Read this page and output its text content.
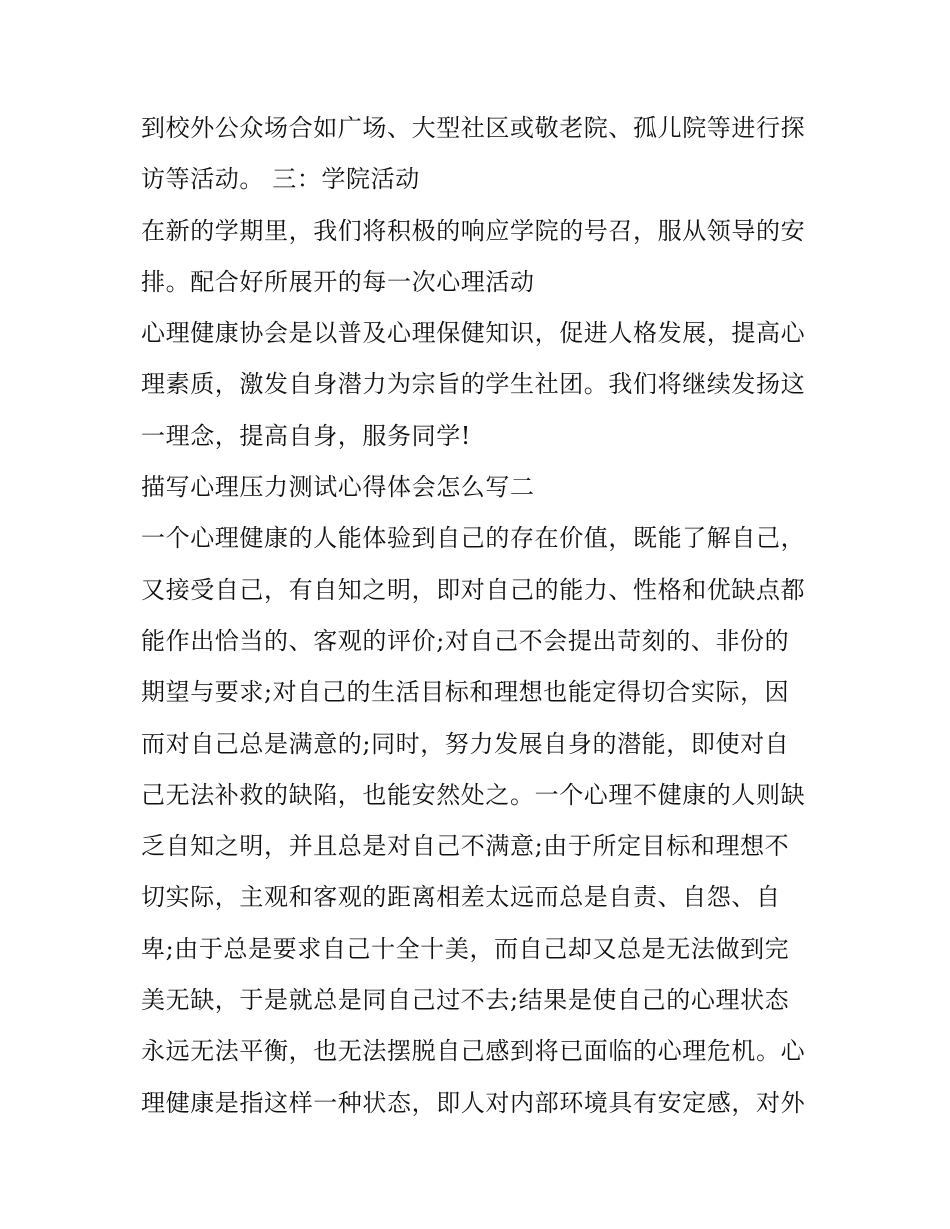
到校外公众场合如广场、大型社区或敬老院、孤儿院等进行探
访等活动。 三：学院活动
在新的学期里，我们将积极的响应学院的号召，服从领导的安
排。配合好所展开的每一次心理活动
心理健康协会是以普及心理保健知识，促进人格发展，提高心
理素质，激发自身潜力为宗旨的学生社团。我们将继续发扬这
一理念，提高自身，服务同学!
描写心理压力测试心得体会怎么写二
一个心理健康的人能体验到自己的存在价值，既能了解自己，
又接受自己，有自知之明，即对自己的能力、性格和优缺点都
能作出恰当的、客观的评价;对自己不会提出苛刻的、非份的
期望与要求;对自己的生活目标和理想也能定得切合实际，因
而对自己总是满意的;同时，努力发展自身的潜能，即使对自
己无法补救的缺陷，也能安然处之。一个心理不健康的人则缺
乏自知之明，并且总是对自己不满意;由于所定目标和理想不
切实际，主观和客观的距离相差太远而总是自责、自怨、自
卑;由于总是要求自己十全十美，而自己却又总是无法做到完
美无缺，于是就总是同自己过不去;结果是使自己的心理状态
永远无法平衡，也无法摆脱自己感到将已面临的心理危机。心
理健康是指这样一种状态，即人对内部环境具有安定感，对外
